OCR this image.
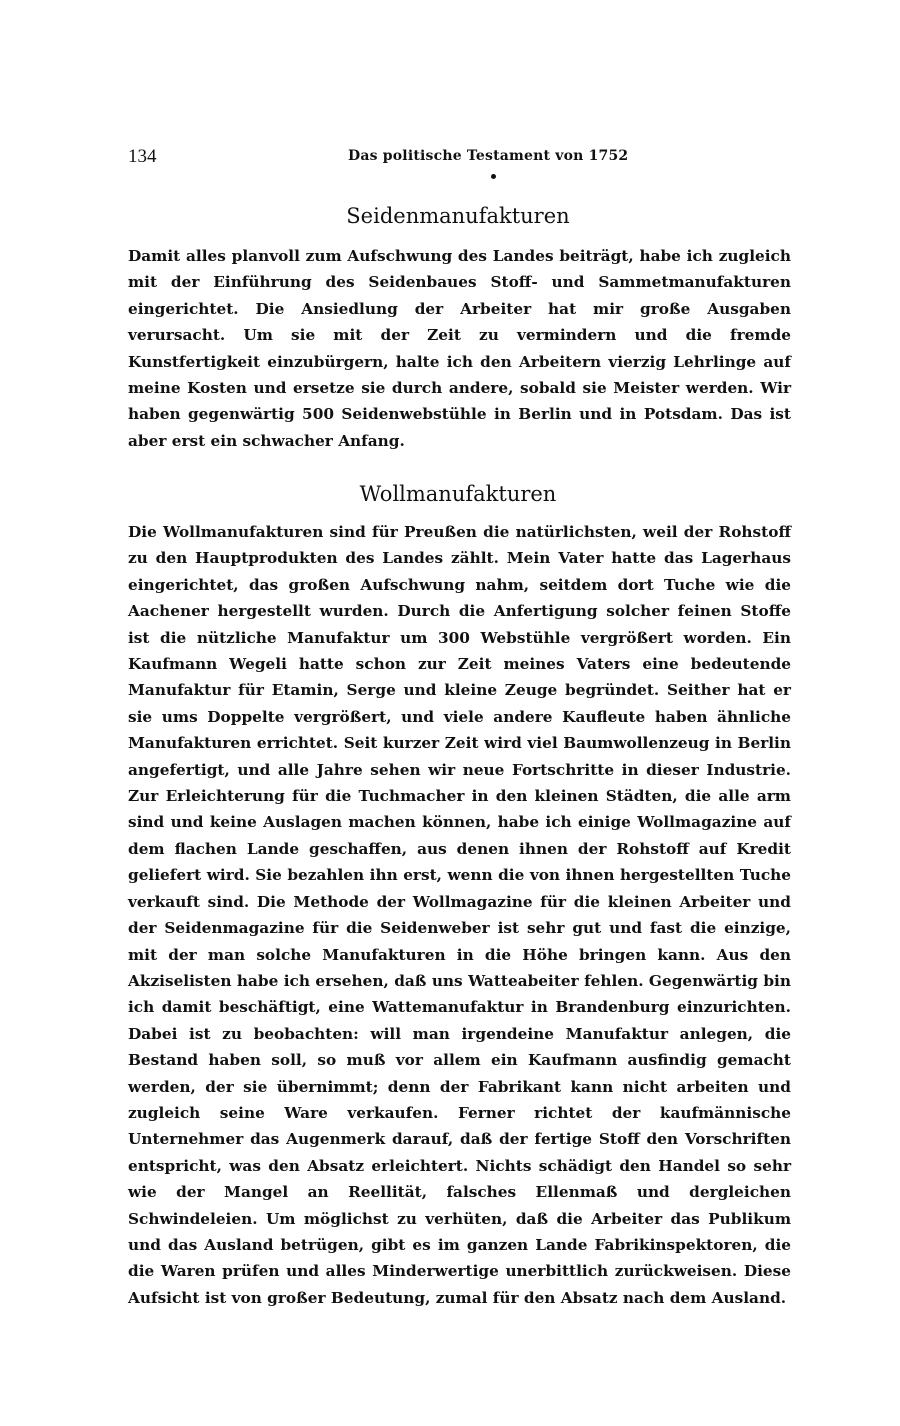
134	Das politische Testament von 1752
Seidenmanufakturen

Damit alles planvoll zum Aufschwung des Landes beiträgt, habe ich zugleich mit der Einführung des Seidenbaues Stoff- und Sammetmanufakturen eingerichtet. Die Ansiedlung der Arbeiter hat mir große Ausgaben verursacht. Um sie mit der Zeit zu vermindern und die fremde Kunstfertigkeit einzubürgern, halte ich den Arbeitern vierzig Lehrlinge auf meine Kosten und ersetze sie durch andere, sobald sie Meister werden. Wir haben gegenwärtig 500 Seidenwebstühle in Berlin und in Potsdam. Das ist aber erst ein schwacher Anfang.

Wollmanufakturen

Die Wollmanufakturen sind für Preußen die natürlichsten, weil der Rohstoff zu den Hauptprodukten des Landes zählt. Mein Vater hatte das Lagerhaus eingerichtet, das großen Aufschwung nahm, seitdem dort Tuche wie die Aachener hergestellt wurden. Durch die Anfertigung solcher feinen Stoffe ist die nützliche Manufaktur um 300 Webstühle vergrößert worden. Ein Kaufmann Wegeli hatte schon zur Zeit meines Vaters eine bedeutende Manufaktur für Etamin, Serge und kleine Zeuge begründet. Seither hat er sie ums Doppelte vergrößert, und viele andere Kaufleute haben ähnliche Manufakturen errichtet. Seit kurzer Zeit wird viel Baumwollenzeug in Berlin angefertigt, und alle Jahre sehen wir neue Fortschritte in dieser Industrie. Zur Erleichterung für die Tuchmacher in den kleinen Städten, die alle arm sind und keine Auslagen machen können, habe ich einige Wollmagazine auf dem flachen Lande geschaffen, aus denen ihnen der Rohstoff auf Kredit geliefert wird. Sie bezahlen ihn erst, wenn die von ihnen hergestellten Tuche verkauft sind. Die Methode der Wollmagazine für die kleinen Arbeiter und der Seidenmagazine für die Seidenweber ist sehr gut und fast die einzige, mit der man solche Manufakturen in die Höhe bringen kann. Aus den Akziselisten habe ich ersehen, daß uns Watteabeiter fehlen. Gegenwärtig bin ich damit beschäftigt, eine Wattemanufaktur in Brandenburg einzurichten. Dabei ist zu beobachten: will man irgendeine Manufaktur anlegen, die Bestand haben soll, so muß vor allem ein Kaufmann ausfindig gemacht werden, der sie übernimmt; denn der Fabrikant kann nicht arbeiten und zugleich seine Ware verkaufen. Ferner richtet der kaufmännische Unternehmer das Augenmerk darauf, daß der fertige Stoff den Vorschriften entspricht, was den Absatz erleichtert. Nichts schädigt den Handel so sehr wie der Mangel an Reellität, falsches Ellenmaß und dergleichen Schwindeleien. Um möglichst zu verhüten, daß die Arbeiter das Publikum und das Ausland betrügen, gibt es im ganzen Lande Fabrikinspektoren, die die Waren prüfen und alles Minderwertige unerbittlich zurückweisen. Diese Aufsicht ist von großer Bedeutung, zumal für den Absatz nach dem Ausland.
